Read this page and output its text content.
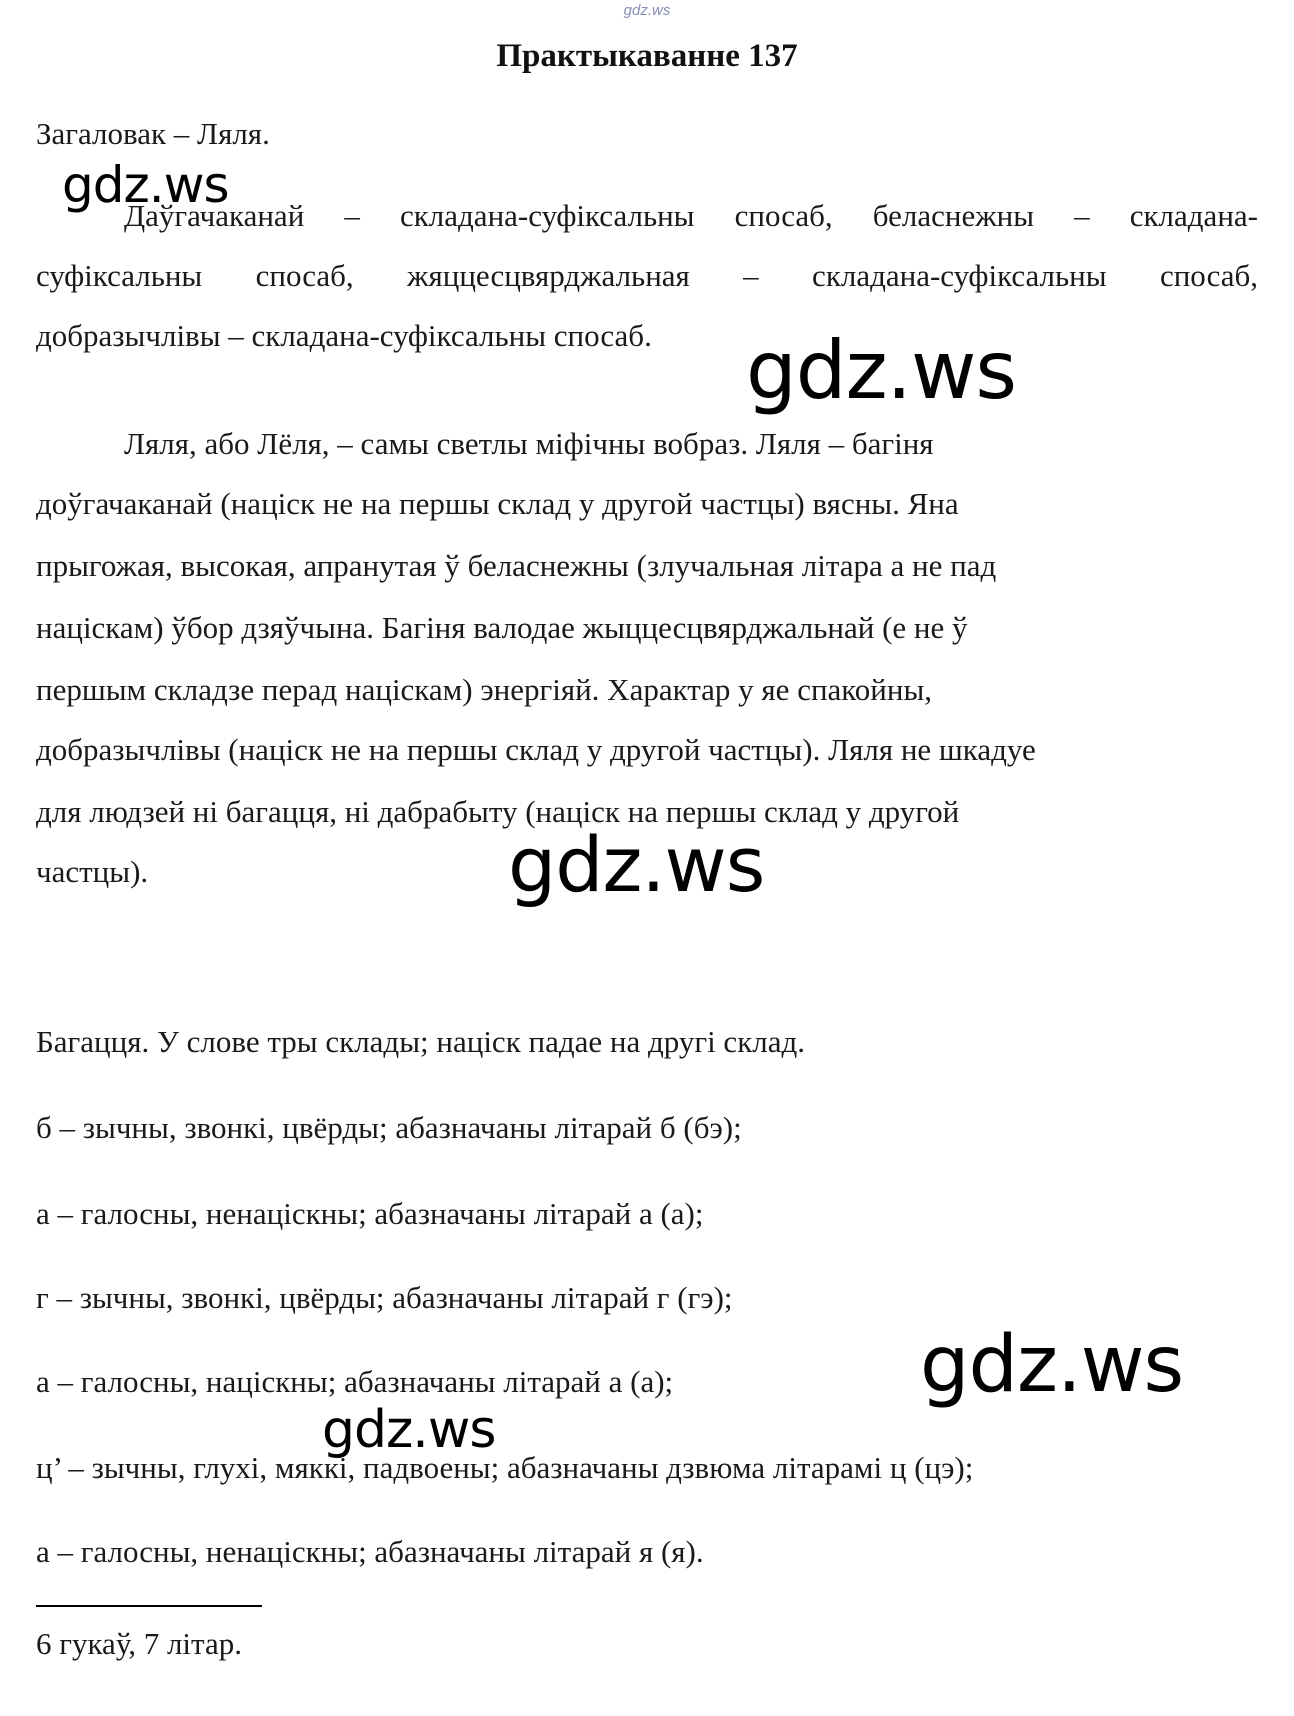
gdz.ws
Практыкаванне 137
Загаловак – Ляля.
Даўгачаканай – складана-суфіксальны спосаб, беласнежны – складана-
суфіксальны спосаб, жяццесцвярджальная – складана-суфіксальны спосаб,
добразычлівы – складана-суфіксальны спосаб.
Ляля, або Лёля, – самы светлы міфічны вобраз. Ляля – багіня
доўгачаканай (націск не на першы склад у другой частцы) вясны. Яна
прыгожая, высокая, апранутая ў беласнежны (злучальная літара а не пад
націскам) ўбор дзяўчына. Багіня валодае жыццесцвярджальнай (е не ў
першым складзе перад націскам) энергіяй. Характар у яе спакойны,
добразычлівы (націск не на першы склад у другой частцы). Ляля не шкадуе
для людзей ні багацця, ні дабрабыту (націск на першы склад у другой
частцы).
Багацця. У слове тры склады; націск падае на другі склад.
б – зычны, звонкі, цвёрды; абазначаны літарай б (бэ);
а – галосны, ненаціскны; абазначаны літарай а (а);
г – зычны, звонкі, цвёрды; абазначаны літарай г (гэ);
а – галосны, націскны; абазначаны літарай а (а);
ц’ – зычны, глухі, мяккі, падвоены; абазначаны дзвюма літарамі ц (цэ);
а – галосны, ненаціскны; абазначаны літарай я (я).
6 гукаў, 7 літар.
gdz.ws
gdz.ws
gdz.ws
gdz.ws
gdz.ws
